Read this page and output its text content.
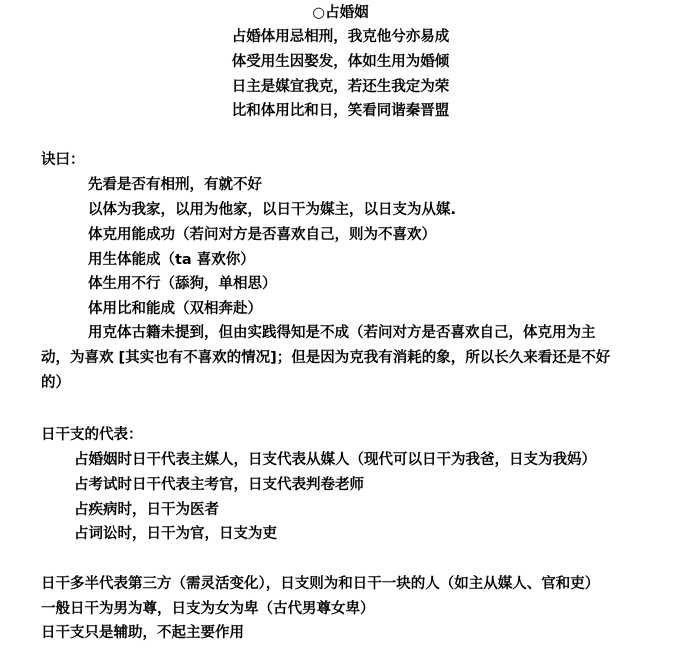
○占婚姻
占婚体用忌相刑，我克他兮亦易成
体受用生因娶发，体如生用为婚倾
日主是媒宜我克，若还生我定为荣
比和体用比和日，笑看同谐秦晋盟
诀曰：
先看是否有相刑，有就不好
以体为我家，以用为他家，以日干为媒主，以日支为从媒.
体克用能成功（若问对方是否喜欢自己，则为不喜欢）
用生体能成（ta 喜欢你）
体生用不行（舔狗，单相思）
体用比和能成（双相奔赴）
用克体古籍未提到，但由实践得知是不成（若问对方是否喜欢自己，体克用为主
动，为喜欢 [其实也有不喜欢的情况]；但是因为克我有消耗的象，所以长久来看还是不好
的）
日干支的代表：
占婚姻时日干代表主媒人，日支代表从媒人（现代可以日干为我爸，日支为我妈）
占考试时日干代表主考官，日支代表判卷老师
占疾病时，日干为医者
占词讼时，日干为官，日支为吏
日干多半代表第三方（需灵活变化），日支则为和日干一块的人（如主从媒人、官和吏）
一般日干为男为尊，日支为女为卑（古代男尊女卑）
日干支只是辅助，不起主要作用
